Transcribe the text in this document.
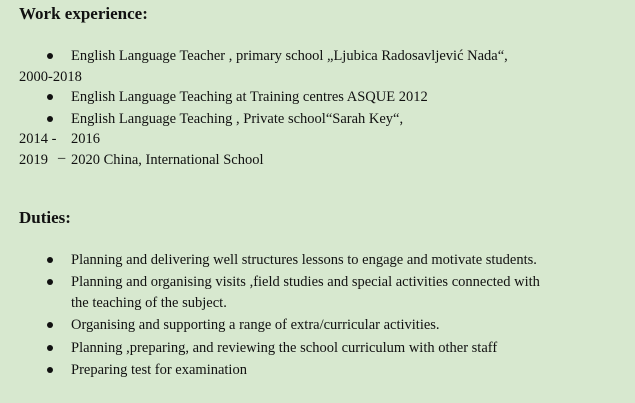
Work experience:
English Language Teacher , primary school „Ljubica Radosavljević Nada“,
2000-2018
English Language Teaching at Training centres ASQUE 2012
English Language Teaching , Private school“Sarah Key“,
2014 - 2016
2019 – 2020 China, International School
Duties:
Planning and delivering well structures lessons to engage and motivate students.
Planning and organising visits ,field studies and special activities connected with
the teaching of the subject.
Organising and supporting a range of extra/curricular activities.
Planning ,preparing, and reviewing the school curriculum with other staff
Preparing test for examination
